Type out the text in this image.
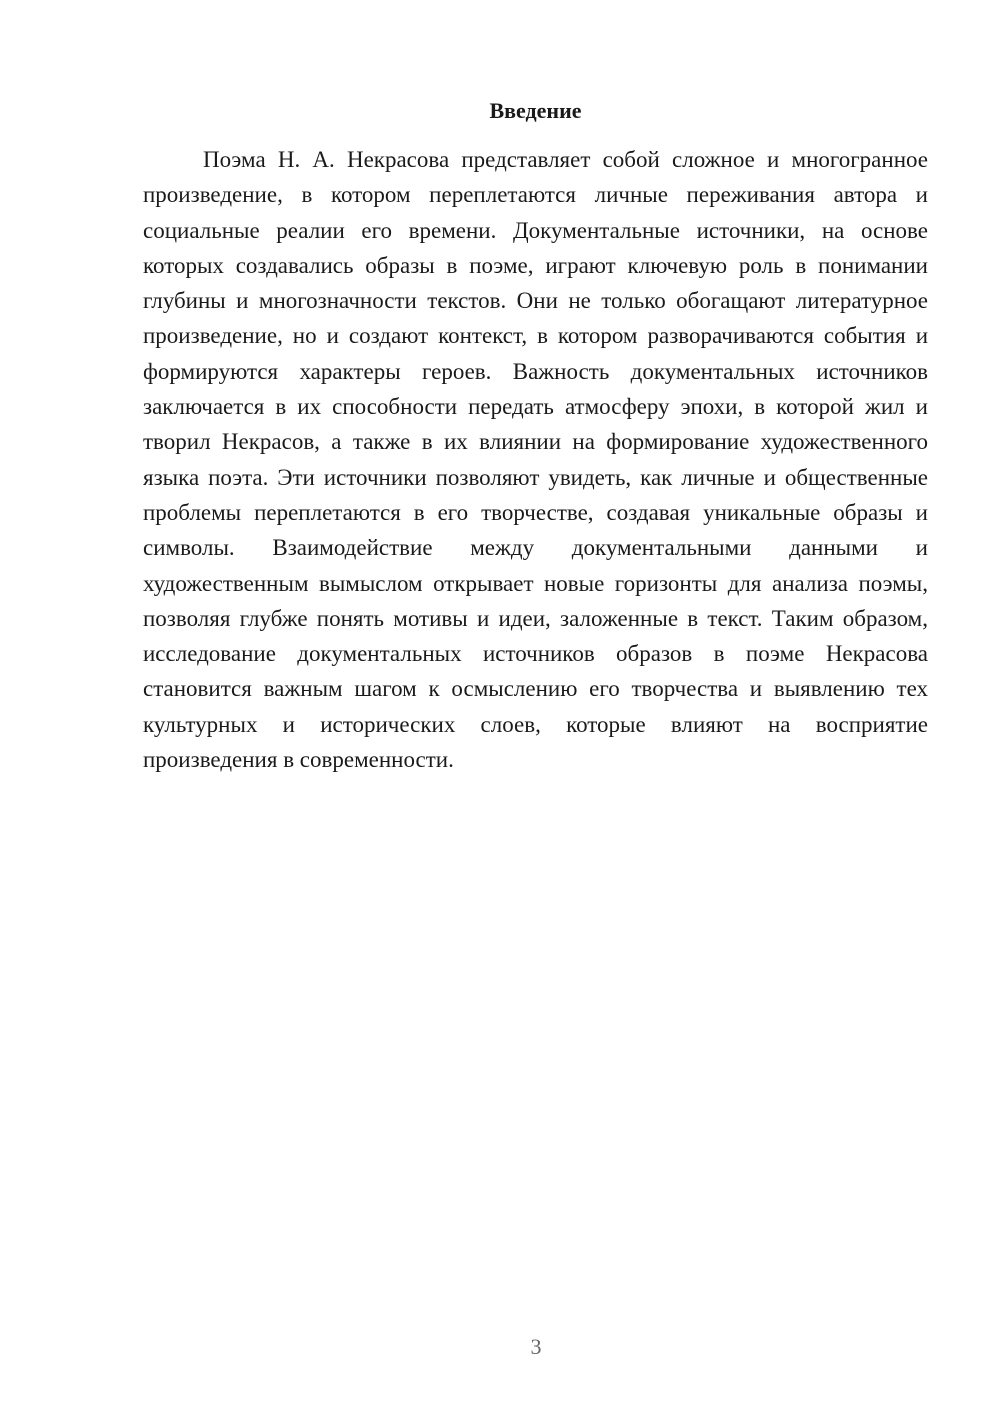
Введение

Поэма Н. А. Некрасова представляет собой сложное и многогранное произведение, в котором переплетаются личные переживания автора и социальные реалии его времени. Документальные источники, на основе которых создавались образы в поэме, играют ключевую роль в понимании глубины и многозначности текстов. Они не только обогащают литературное произведение, но и создают контекст, в котором разворачиваются события и формируются характеры героев. Важность документальных источников заключается в их способности передать атмосферу эпохи, в которой жил и творил Некрасов, а также в их влиянии на формирование художественного языка поэта. Эти источники позволяют увидеть, как личные и общественные проблемы переплетаются в его творчестве, создавая уникальные образы и символы. Взаимодействие между документальными данными и художественным вымыслом открывает новые горизонты для анализа поэмы, позволяя глубже понять мотивы и идеи, заложенные в текст. Таким образом, исследование документальных источников образов в поэме Некрасова становится важным шагом к осмыслению его творчества и выявлению тех культурных и исторических слоев, которые влияют на восприятие произведения в современности.

3
